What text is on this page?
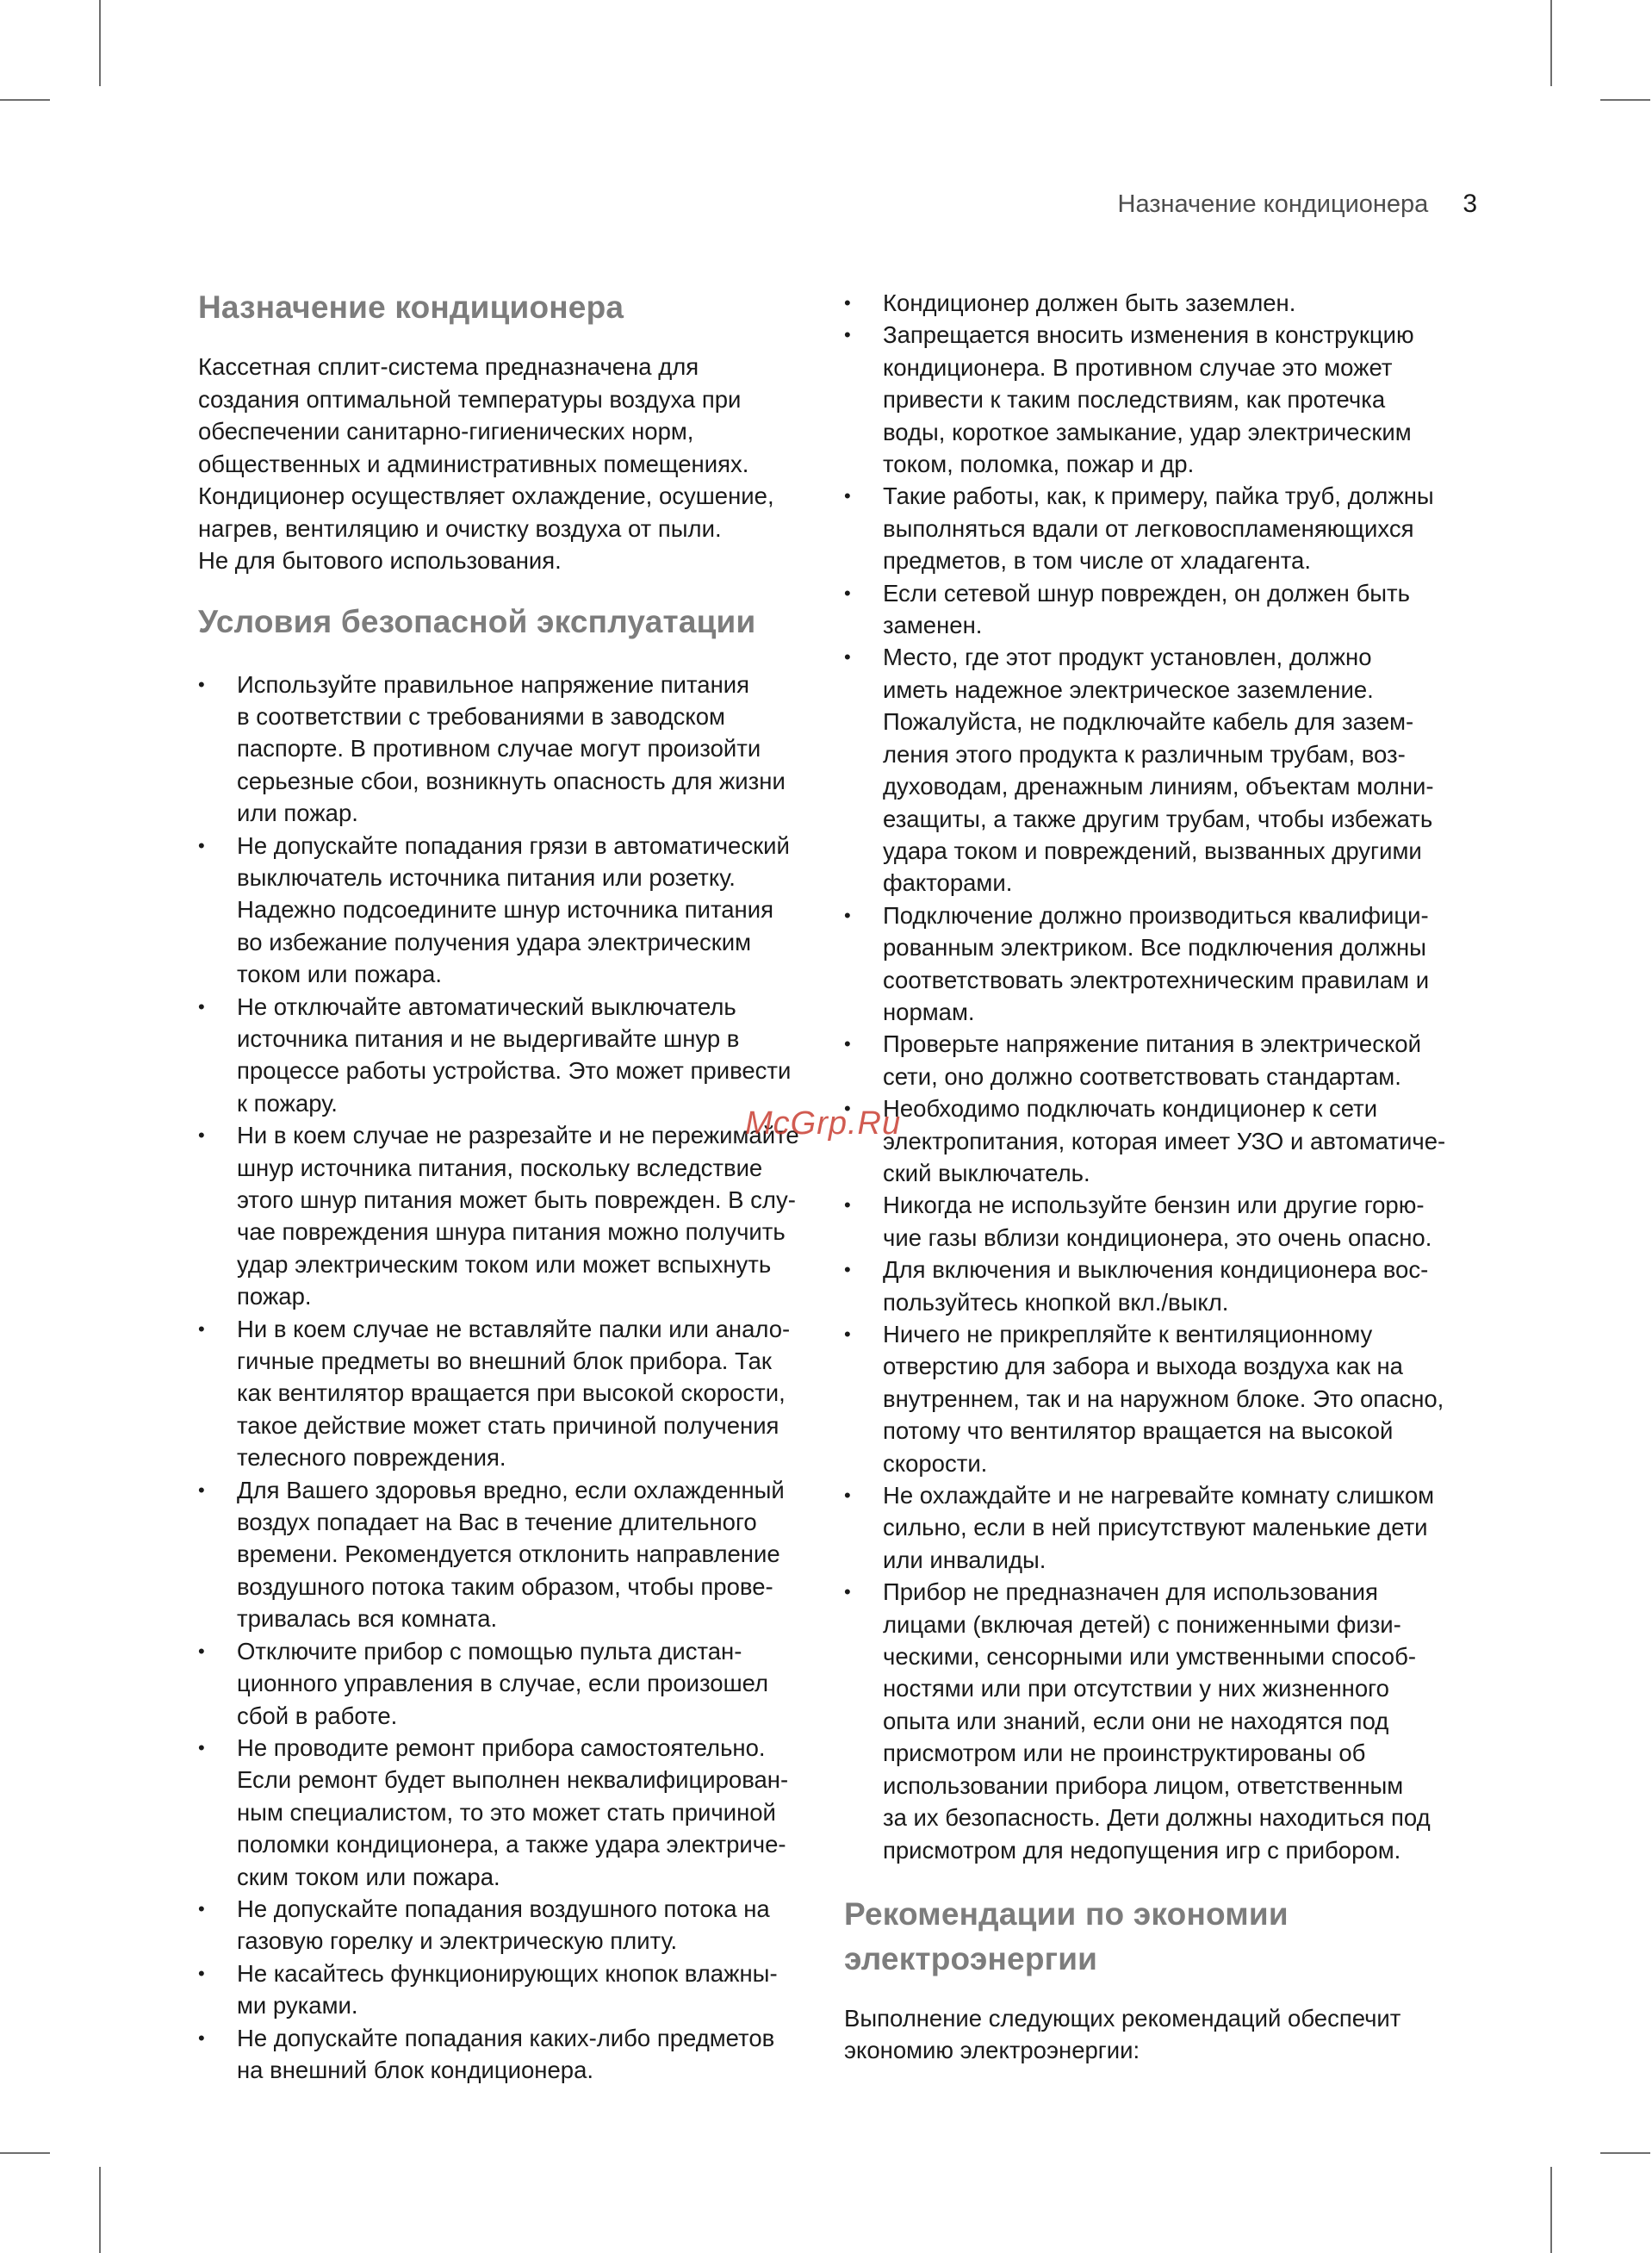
Назначение кондиционера 3
Назначение кондиционера

Кассетная сплит-система предназначена для
создания оптимальной температуры воздуха при
обеспечении санитарно-гигиенических норм,
общественных и административных помещениях.
Кондиционер осуществляет охлаждение, осушение,
нагрев, вентиляцию и очистку воздуха от пыли.
Не для бытового использования.

Условия безопасной эксплуатации
• Используйте правильное напряжение питания
в соответствии с требованиями в заводском
паспорте. В противном случае могут произойти
серьезные сбои, возникнуть опасность для жизни
или пожар.
• Не допускайте попадания грязи в автоматический
выключатель источника питания или розетку.
Надежно подсоедините шнур источника питания
во избежание получения удара электрическим
током или пожара.
• Не отключайте автоматический выключатель
источника питания и не выдергивайте шнур в
процессе работы устройства. Это может привести
к пожару.
• Ни в коем случае не разрезайте и не пережимайте
шнур источника питания, поскольку вследствие
этого шнур питания может быть поврежден. В слу-
чае повреждения шнура питания можно получить
удар электрическим током или может вспыхнуть
пожар.
• Ни в коем случае не вставляйте палки или анало-
гичные предметы во внешний блок прибора. Так
как вентилятор вращается при высокой скорости,
такое действие может стать причиной получения
телесного повреждения.
• Для Вашего здоровья вредно, если охлажденный
воздух попадает на Вас в течение длительного
времени. Рекомендуется отклонить направление
воздушного потока таким образом, чтобы прове-
тривалась вся комната.
• Отключите прибор с помощью пульта дистан-
ционного управления в случае, если произошел
сбой в работе.
• Не проводите ремонт прибора самостоятельно.
Если ремонт будет выполнен неквалифицирован-
ным специалистом, то это может стать причиной
поломки кондиционера, а также удара электриче-
ским током или пожара.
• Не допускайте попадания воздушного потока на
газовую горелку и электрическую плиту.
• Не касайтесь функционирующих кнопок влажны-
ми руками.
• Не допускайте попадания каких-либо предметов
на внешний блок кондиционера.
• Кондиционер должен быть заземлен.
• Запрещается вносить изменения в конструкцию
кондиционера. В противном случае это может
привести к таким последствиям, как протечка
воды, короткое замыкание, удар электрическим
током, поломка, пожар и др.
• Такие работы, как, к примеру, пайка труб, должны
выполняться вдали от легковоспламеняющихся
предметов, в том числе от хладагента.
• Если сетевой шнур поврежден, он должен быть
заменен.
• Место, где этот продукт установлен, должно
иметь надежное электрическое заземление.
Пожалуйста, не подключайте кабель для зазем-
ления этого продукта к различным трубам, воз-
духоводам, дренажным линиям, объектам молни-
езащиты, а также другим трубам, чтобы избежать
удара током и повреждений, вызванных другими
факторами.
• Подключение должно производиться квалифици-
рованным электриком. Все подключения должны
соответствовать электротехническим правилам и
нормам.
• Проверьте напряжение питания в электрической
сети, оно должно соответствовать стандартам.
• Необходимо подключать кондиционер к сети
электропитания, которая имеет УЗО и автоматиче-
ский выключатель.
• Никогда не используйте бензин или другие горю-
чие газы вблизи кондиционера, это очень опасно.
• Для включения и выключения кондиционера вос-
пользуйтесь кнопкой вкл./выкл.
• Ничего не прикрепляйте к вентиляционному
отверстию для забора и выхода воздуха как на
внутреннем, так и на наружном блоке. Это опасно,
потому что вентилятор вращается на высокой
скорости.
• Не охлаждайте и не нагревайте комнату слишком
сильно, если в ней присутствуют маленькие дети
или инвалиды.
• Прибор не предназначен для использования
лицами (включая детей) с пониженными физи-
ческими, сенсорными или умственными способ-
ностями или при отсутствии у них жизненного
опыта или знаний, если они не находятся под
присмотром или не проинструктированы об
использовании прибора лицом, ответственным
за их безопасность. Дети должны находиться под
присмотром для недопущения игр с прибором.
Рекомендации по экономии
электроэнергии

Выполнение следующих рекомендаций обеспечит
экономию электроэнергии:

McGrp.Ru
